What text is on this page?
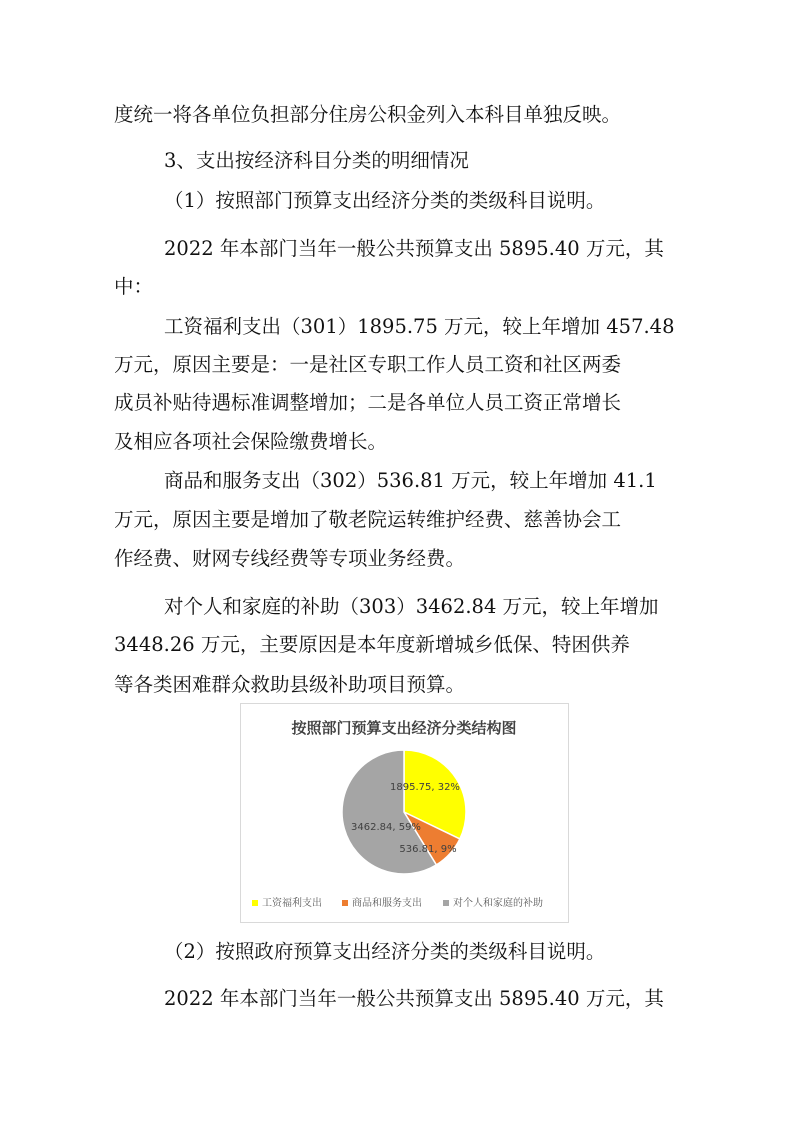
度统一将各单位负担部分住房公积金列入本科目单独反映。
3、支出按经济科目分类的明细情况
（1）按照部门预算支出经济分类的类级科目说明。
2022 年本部门当年一般公共预算支出 5895.40 万元，其
中：
工资福利支出（301）1895.75 万元，较上年增加 457.48
万元，原因主要是：一是社区专职工作人员工资和社区两委
成员补贴待遇标准调整增加；二是各单位人员工资正常增长
及相应各项社会保险缴费增长。
商品和服务支出（302）536.81 万元，较上年增加 41.1
万元，原因主要是增加了敬老院运转维护经费、慈善协会工
作经费、财网专线经费等专项业务经费。
对个人和家庭的补助（303）3462.84 万元，较上年增加
3448.26 万元，主要原因是本年度新增城乡低保、特困供养
等各类困难群众救助县级补助项目预算。
按照部门预算支出经济分类结构图
1895.75, 32%
536.81, 9%
3462.84, 59%
工资福利支出	商品和服务支出	对个人和家庭的补助
（2）按照政府预算支出经济分类的类级科目说明。
2022 年本部门当年一般公共预算支出 5895.40 万元，其
